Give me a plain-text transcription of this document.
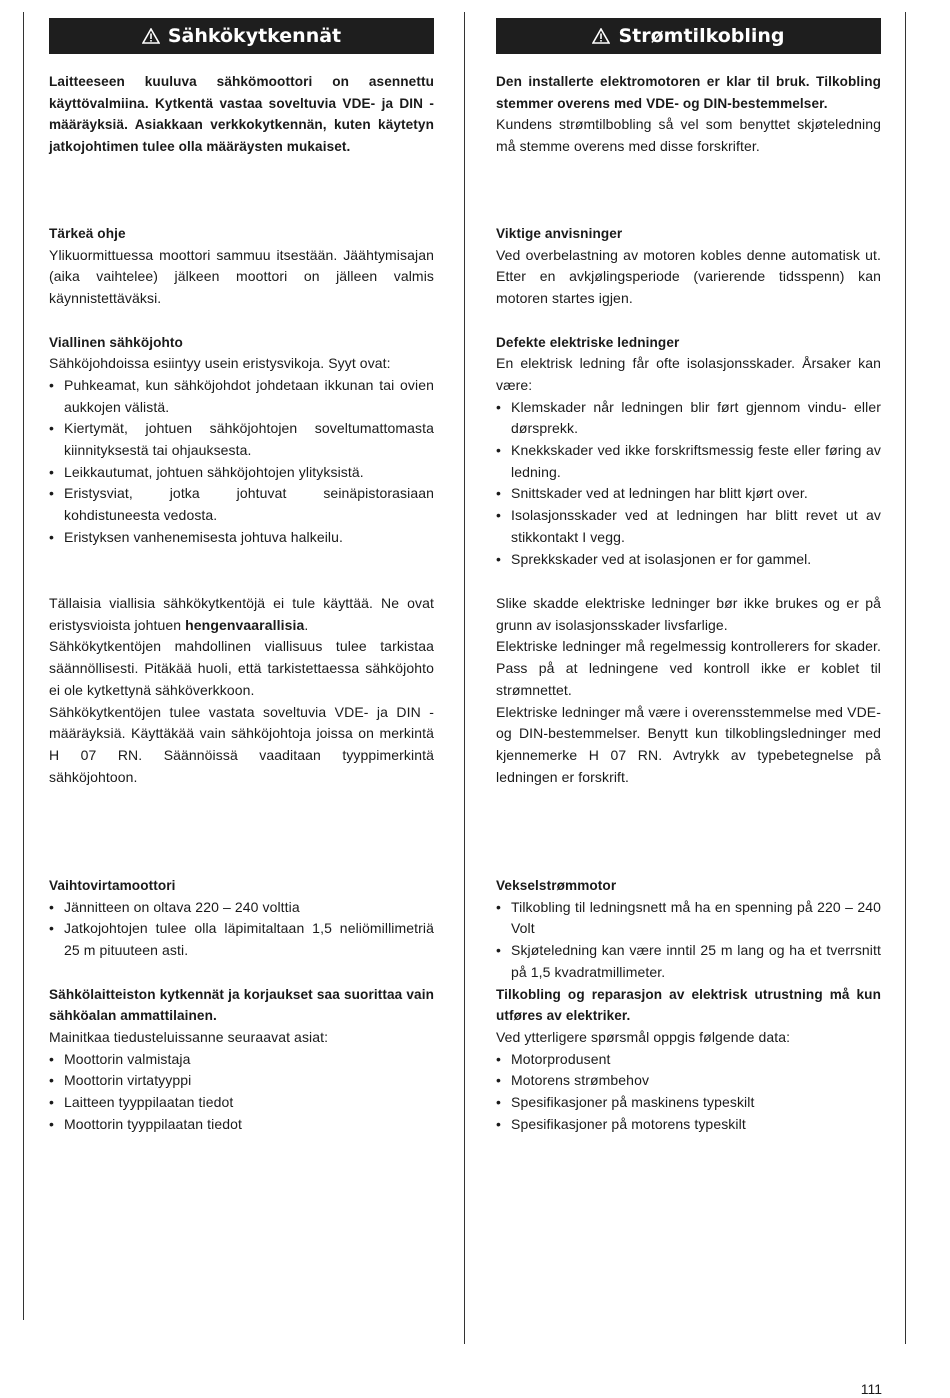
Sähkökytkennät

Laitteeseen kuuluva sähkömoottori on asennettu käyttövalmiina. Kytkentä vastaa soveltuvia VDE- ja DIN -määräyksiä. Asiakkaan verkkokytkennän, kuten käytetyn jatkojohtimen tulee olla määräysten mukaiset.

Tärkeä ohje

Ylikuormittuessa moottori sammuu itsestään. Jäähtymisajan (aika vaihtelee) jälkeen moottori on jälleen valmis käynnistettäväksi.

Viallinen sähköjohto

Sähköjohdoissa esiintyy usein eristysvikoja. Syyt ovat:

• Puhkeamat, kun sähköjohdot johdetaan ikkunan tai ovien aukkojen välistä.
• Kiertymät, johtuen sähköjohtojen soveltumattomasta kiinnityksestä tai ohjauksesta.
• Leikkautumat, johtuen sähköjohtojen ylityksistä.
• Eristysviat, jotka johtuvat seinäpistorasiaan kohdistuneesta vedosta.
• Eristyksen vanhenemisesta johtuva halkeilu.

Tällaisia viallisia sähkökytkentöjä ei tule käyttää. Ne ovat eristysvioista johtuen hengenvaarallisia.

Sähkökytkentöjen mahdollinen viallisuus tulee tarkistaa säännöllisesti. Pitäkää huoli, että tarkistettaessa sähköjohto ei ole kytkettynä sähköverkkoon.

Sähkökytkentöjen tulee vastata soveltuvia VDE- ja DIN -määräyksiä. Käyttäkää vain sähköjohtoja joissa on merkintä H 07 RN. Säännöissä vaaditaan tyyppimerkintä sähköjohtoon.

Vaihtovirtamoottori

• Jännitteen on oltava 220 – 240 volttia
• Jatkojohtojen tulee olla läpimitaltaan 1,5 neliömillimetriä 25 m pituuteen asti.

Sähkölaitteiston kytkennät ja korjaukset saa suorittaa vain sähköalan ammattilainen.

Mainitkaa tiedusteluissanne seuraavat asiat:

• Moottorin valmistaja
• Moottorin virtatyyppi
• Laitteen tyyppilaatan tiedot
• Moottorin tyyppilaatan tiedot
Strømtilkobling

Den installerte elektromotoren er klar til bruk. Tilkobling stemmer overens med VDE- og DIN-bestemmelser.

Kundens strømtilbobling så vel som benyttet skjøteledning må stemme overens med disse forskrifter.

Viktige anvisninger

Ved overbelastning av motoren kobles denne automatisk ut. Etter en avkjølingsperiode (varierende tidsspenn) kan motoren startes igjen.

Defekte elektriske ledninger

En elektrisk ledning får ofte isolasjonsskader. Årsaker kan være:

• Klemskader når ledningen blir ført gjennom vindu- eller dørsprekk.
• Knekkskader ved ikke forskriftsmessig feste eller føring av ledning.
• Snittskader ved at ledningen har blitt kjørt over.
• Isolasjonsskader ved at ledningen har blitt revet ut av stikkontakt I vegg.
• Sprekkskader ved at isolasjonen er for gammel.

Slike skadde elektriske ledninger bør ikke brukes og er på grunn av isolasjonsskader livsfarlige.

Elektriske ledninger må regelmessig kontrollerers for skader. Pass på at ledningene ved kontroll ikke er koblet til strømnettet.

Elektriske ledninger må være i overensstemmelse med VDE- og DIN-bestemmelser. Benytt kun tilkoblingsledninger med kjennemerke H 07 RN. Avtrykk av typebetegnelse på ledningen er forskrift.

Vekselstrømmotor

• Tilkobling til ledningsnett må ha en spenning på 220 – 240 Volt
• Skjøteledning kan være inntil 25 m lang og ha et tverrsnitt på 1,5 kvadratmillimeter.

Tilkobling og reparasjon av elektrisk utrustning må kun utføres av elektriker.

Ved ytterligere spørsmål oppgis følgende data:

• Motorprodusent
• Motorens strømbehov
• Spesifikasjoner på maskinens typeskilt
• Spesifikasjoner på motorens typeskilt
111
